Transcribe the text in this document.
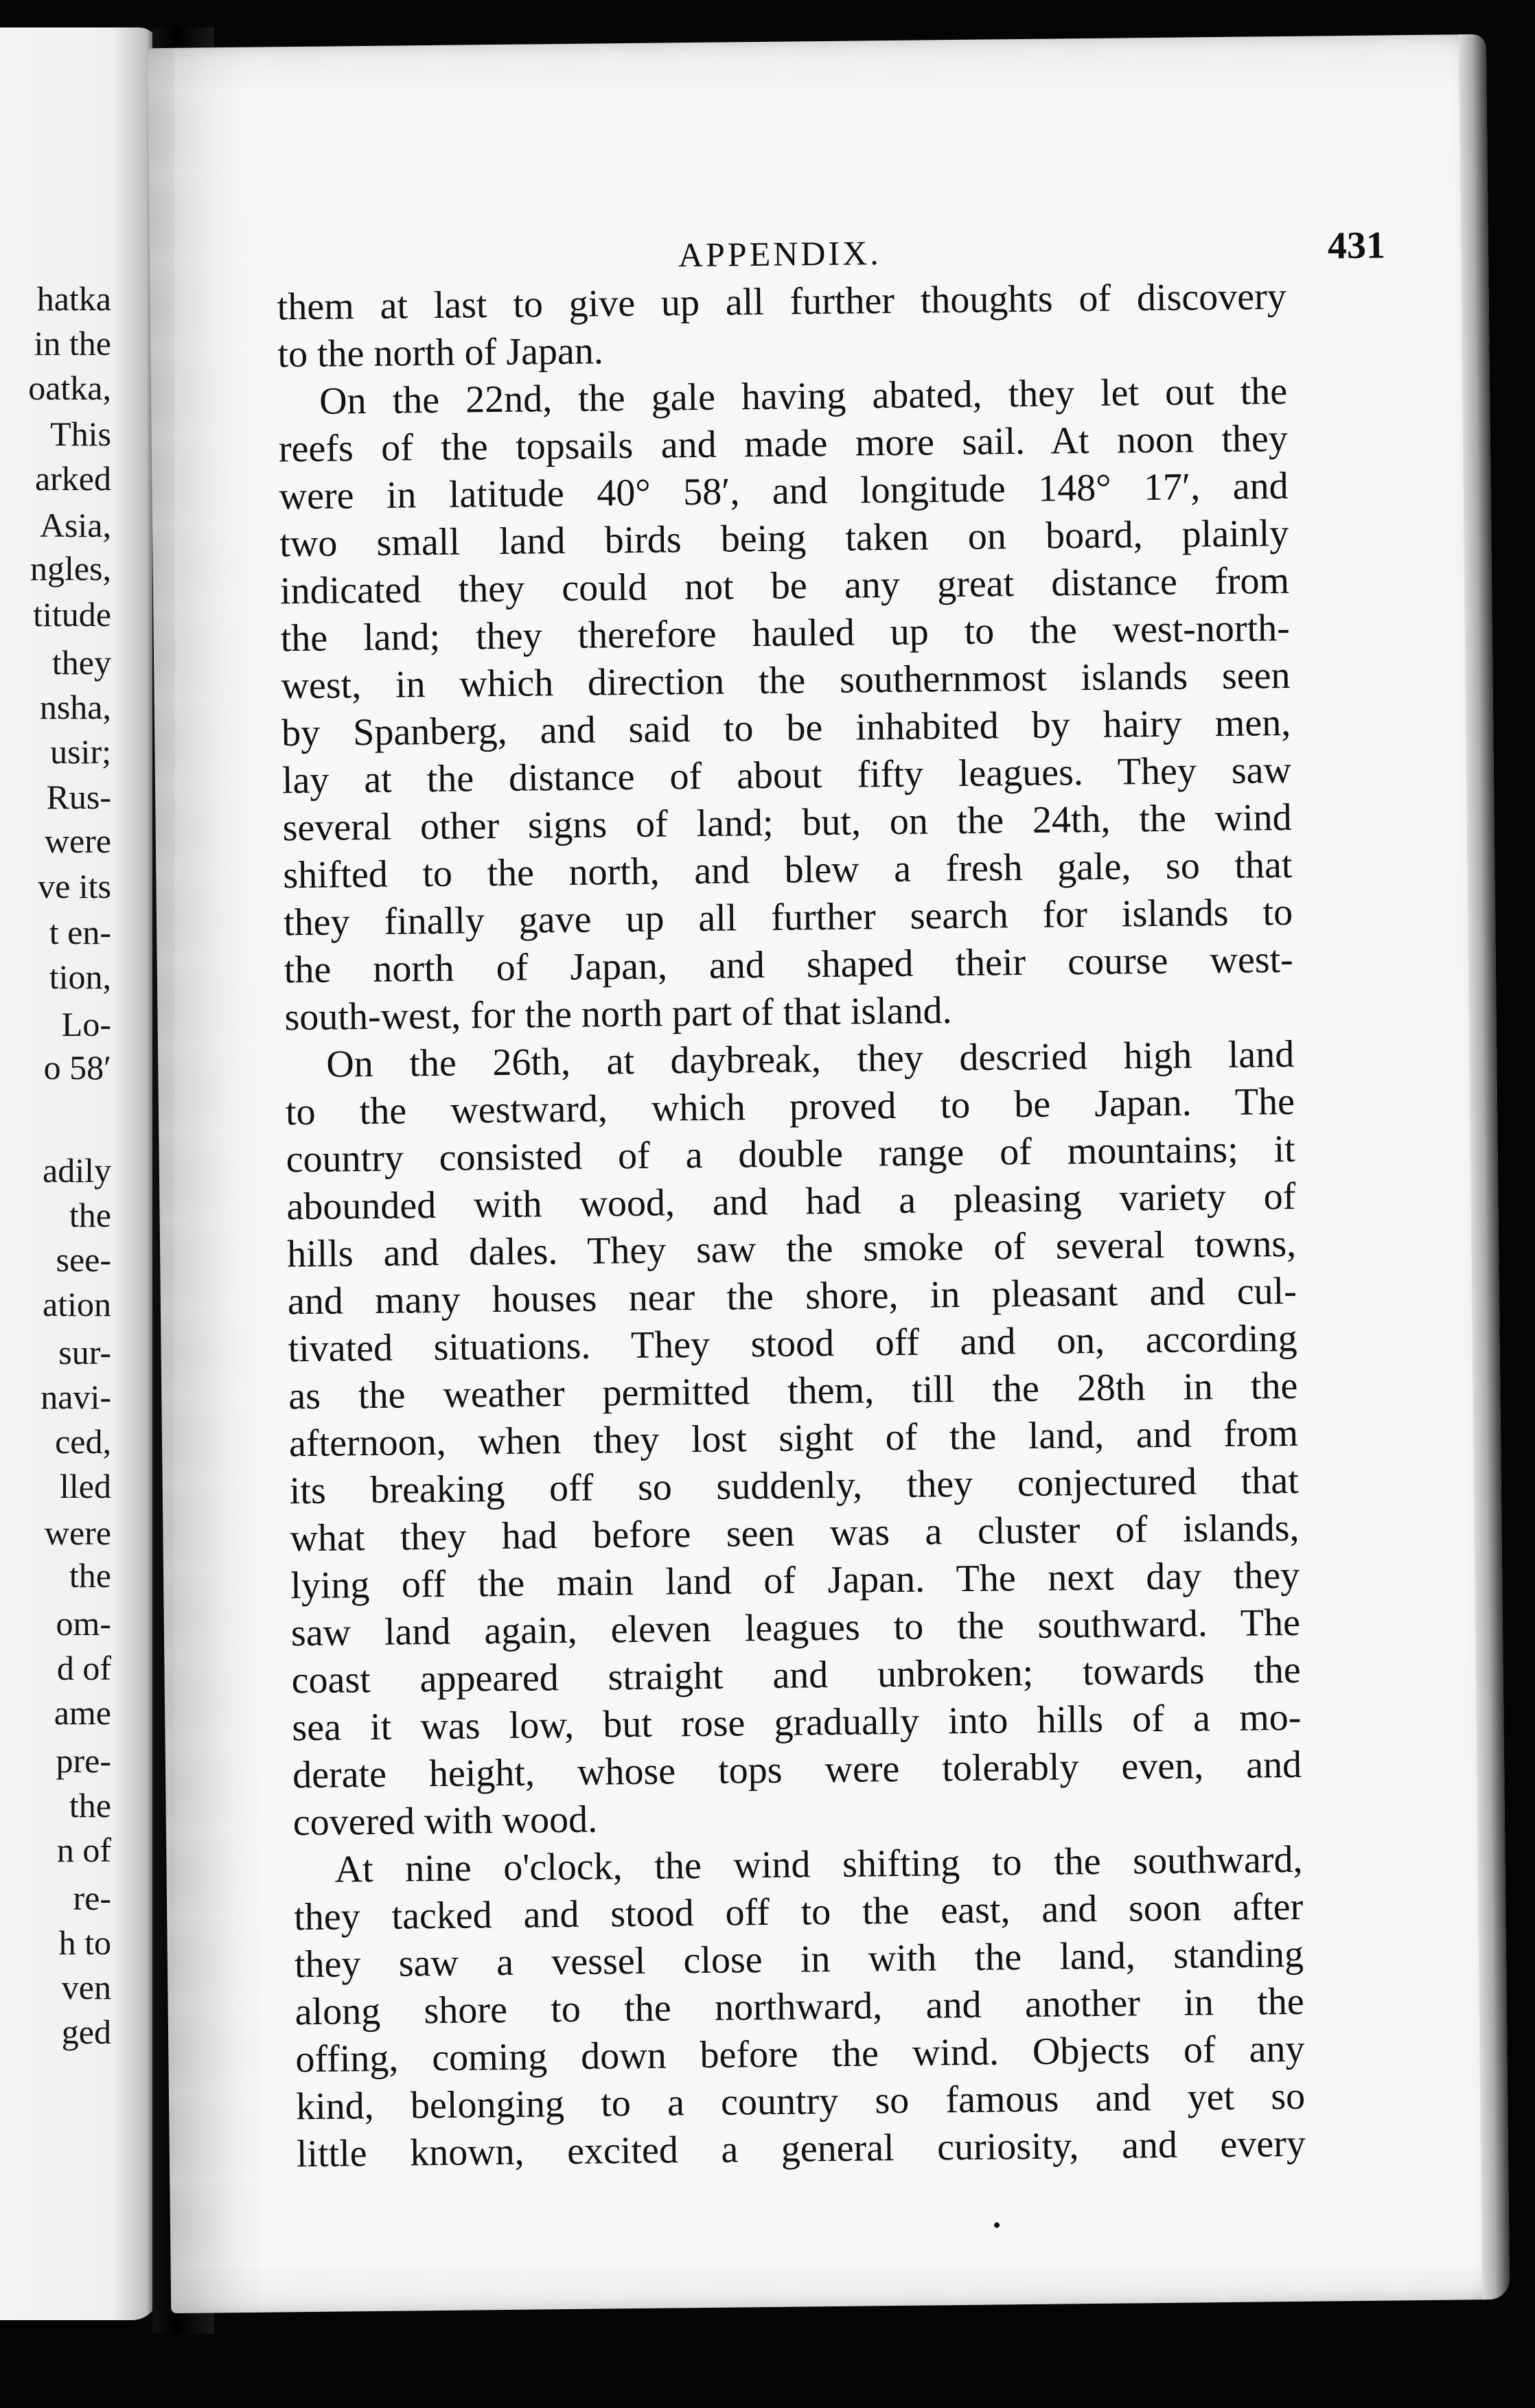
hatka
in the
oatka,
This
arked
Asia,
ngles,
titude
they
nsha,
usir;
Rus-
were
ve its
t en-
tion,
Lo-
o 58′
adily
the
see-
ation
sur-
navi-
ced,
lled
were
the
om-
d of
ame
pre-
the
n of
re-
h to
ven
ged
APPENDIX.	431
them at last to give up all further thoughts of discovery
to the north of Japan.
On the 22nd, the gale having abated, they let out the
reefs of the topsails and made more sail. At noon they
were in latitude 40° 58′, and longitude 148° 17′, and
two small land birds being taken on board, plainly
indicated they could not be any great distance from
the land; they therefore hauled up to the west-north-
west, in which direction the southernmost islands seen
by Spanberg, and said to be inhabited by hairy men,
lay at the distance of about fifty leagues. They saw
several other signs of land; but, on the 24th, the wind
shifted to the north, and blew a fresh gale, so that
they finally gave up all further search for islands to
the north of Japan, and shaped their course west-
south-west, for the north part of that island.
On the 26th, at daybreak, they descried high land
to the westward, which proved to be Japan. The
country consisted of a double range of mountains; it
abounded with wood, and had a pleasing variety of
hills and dales. They saw the smoke of several towns,
and many houses near the shore, in pleasant and cul-
tivated situations. They stood off and on, according
as the weather permitted them, till the 28th in the
afternoon, when they lost sight of the land, and from
its breaking off so suddenly, they conjectured that
what they had before seen was a cluster of islands,
lying off the main land of Japan. The next day they
saw land again, eleven leagues to the southward. The
coast appeared straight and unbroken; towards the
sea it was low, but rose gradually into hills of a mo-
derate height, whose tops were tolerably even, and
covered with wood.
At nine o'clock, the wind shifting to the southward,
they tacked and stood off to the east, and soon after
they saw a vessel close in with the land, standing
along shore to the northward, and another in the
offing, coming down before the wind. Objects of any
kind, belonging to a country so famous and yet so
little known, excited a general curiosity, and every
